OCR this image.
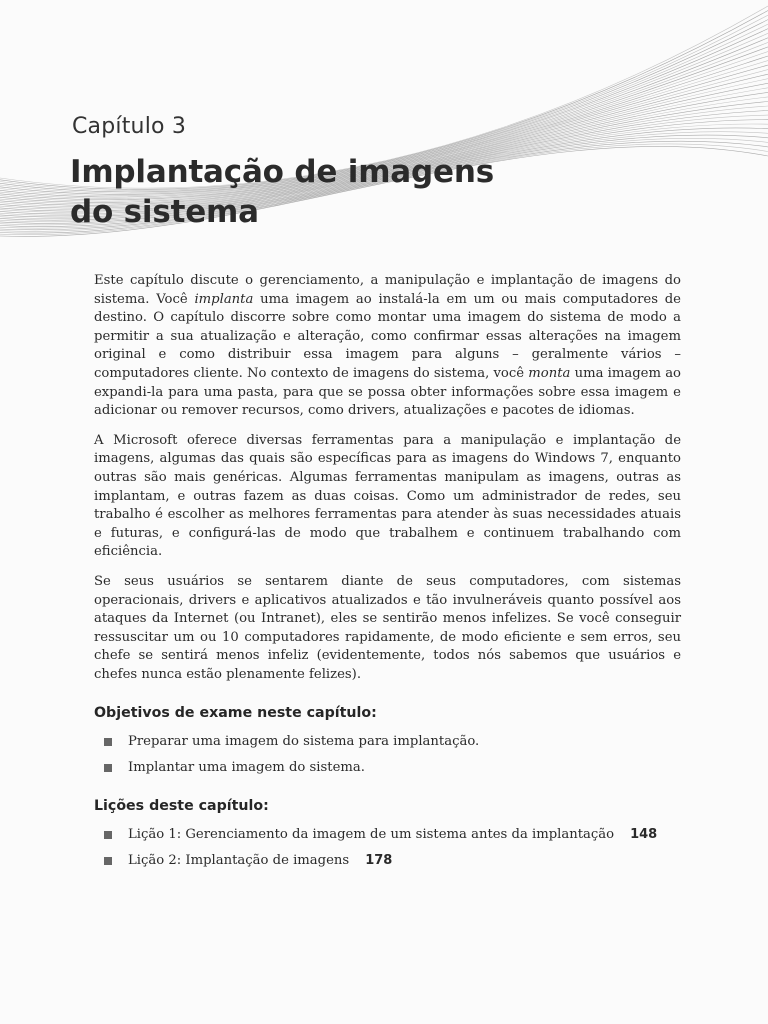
Capítulo 3
Implantação de imagens
do sistema

Este capítulo discute o gerenciamento, a manipulação e implantação de imagens do sistema. Você implanta uma imagem ao instalá-la em um ou mais computadores de destino. O capítulo discorre sobre como montar uma imagem do sistema de modo a permitir a sua atualização e alteração, como confirmar essas alterações na imagem original e como distribuir essa imagem para alguns – geralmente vários – computadores cliente. No contexto de imagens do sistema, você monta uma imagem ao expandi-la para uma pasta, para que se possa obter informações sobre essa imagem e adicionar ou remover recursos, como drivers, atualizações e pacotes de idiomas.

A Microsoft oferece diversas ferramentas para a manipulação e implantação de imagens, algumas das quais são específicas para as imagens do Windows 7, enquanto outras são mais genéricas. Algumas ferramentas manipulam as imagens, outras as implantam, e outras fazem as duas coisas. Como um administrador de redes, seu trabalho é escolher as melhores ferramentas para atender às suas necessidades atuais e futuras, e configurá-las de modo que trabalhem e continuem trabalhando com eficiência.

Se seus usuários se sentarem diante de seus computadores, com sistemas operacionais, drivers e aplicativos atualizados e tão invulneráveis quanto possível aos ataques da Internet (ou Intranet), eles se sentirão menos infelizes. Se você conseguir ressuscitar um ou 10 computadores rapidamente, de modo eficiente e sem erros, seu chefe se sentirá menos infeliz (evidentemente, todos nós sabemos que usuários e chefes nunca estão plenamente felizes).

Objetivos de exame neste capítulo:
Preparar uma imagem do sistema para implantação.
Implantar uma imagem do sistema.
Lições deste capítulo:
Lição 1: Gerenciamento da imagem de um sistema antes da implantação 148
Lição 2: Implantação de imagens 178
